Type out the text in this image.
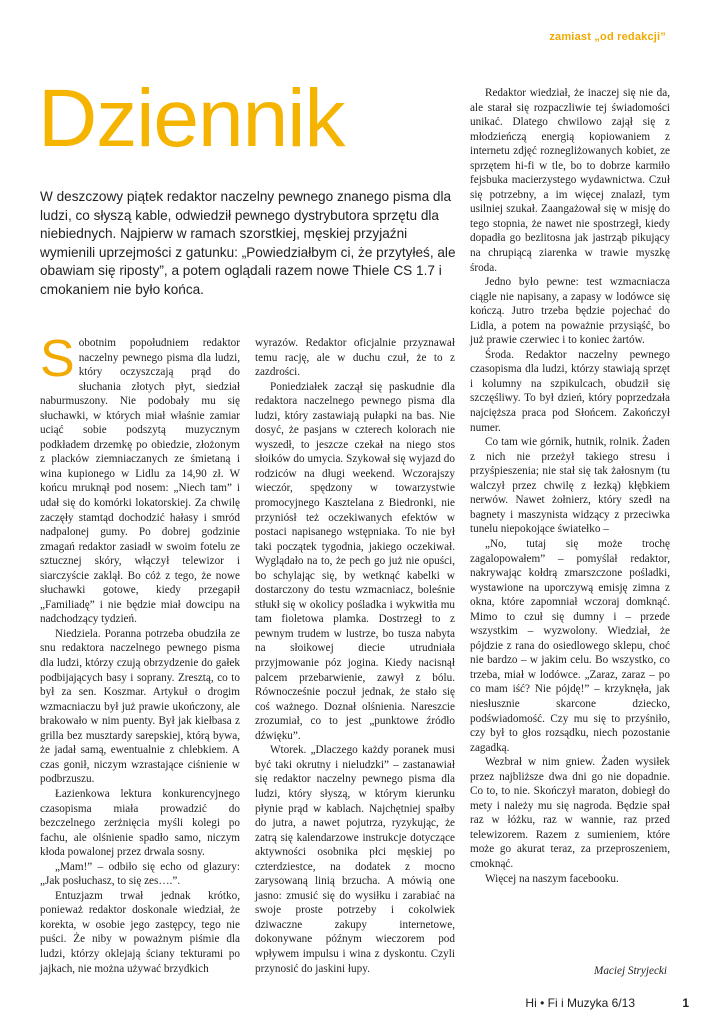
zamiast „od redakcji”
Dziennik

W deszczowy piątek redaktor naczelny pewnego znanego pisma dla ludzi, co słyszą kable, odwiedził pewnego dystrybutora sprzętu dla niebiednych. Najpierw w ramach szorstkiej, męskiej przyjaźni wymienili uprzejmości z gatunku: „Powiedziałbym ci, że przytyłeś, ale obawiam się riposty”, a potem oglądali razem nowe Thiele CS 1.7 i cmokaniem nie było końca.

Sobotnim popołudniem redaktor naczelny pewnego pisma dla ludzi, który oczyszczają prąd do słuchania złotych płyt, siedział naburmuszony. Nie podobały mu się słuchawki, w których miał właśnie zamiar uciąć sobie podszytą muzycznym podkładem drzemkę po obiedzie, złożonym z placków ziemniaczanych ze śmietaną i wina kupionego w Lidlu za 14,90 zł. W końcu mruknął pod nosem: „Niech tam” i udał się do komórki lokatorskiej. Za chwilę zaczęły stamtąd dochodzić hałasy i smród nadpalonej gumy. Po dobrej godzinie zmagań redaktor zasiadł w swoim fotelu ze sztucznej skóry, włączył telewizor i siarczyście zaklął. Bo cóż z tego, że nowe słuchawki gotowe, kiedy przegapił „Familiadę” i nie będzie miał dowcipu na nadchodzący tydzień.

Niedziela. Poranna potrzeba obudziła ze snu redaktora naczelnego pewnego pisma dla ludzi, którzy czują obrzydzenie do gałek podbijających basy i soprany. Zresztą, co to był za sen. Koszmar. Artykuł o drogim wzmacniaczu był już prawie ukończony, ale brakowało w nim puenty. Był jak kiełbasa z grilla bez musztardy sarepskiej, którą bywa, że jadał samą, ewentualnie z chlebkiem. A czas gonił, niczym wzrastające ciśnienie w podbrzuszu.

Łazienkowa lektura konkurencyjnego czasopisma miała prowadzić do bezczelnego zerżnięcia myśli kolegi po fachu, ale olśnienie spadło samo, niczym kłoda powalonej przez drwala sosny.

„Mam!” – odbiło się echo od glazury: „Jak posłuchasz, to się zes….”.

Entuzjazm trwał jednak krótko, ponieważ redaktor doskonale wiedział, że korekta, w osobie jego zastępcy, tego nie puści. Że niby w poważnym piśmie dla ludzi, którzy oklejają ściany tekturami po jajkach, nie można używać brzydkich

wyrazów. Redaktor oficjalnie przyznawał temu rację, ale w duchu czuł, że to z zazdrości.

Poniedziałek zaczął się paskudnie dla redaktora naczelnego pewnego pisma dla ludzi, który zastawiają pułapki na bas. Nie dosyć, że pasjans w czterech kolorach nie wyszedł, to jeszcze czekał na niego stos słoików do umycia. Szykował się wyjazd do rodziców na długi weekend. Wczorajszy wieczór, spędzony w towarzystwie promocyjnego Kasztelana z Biedronki, nie przyniósł też oczekiwanych efektów w postaci napisanego wstępniaka. To nie był taki początek tygodnia, jakiego oczekiwał. Wyglądało na to, że pech go już nie opuści, bo schylając się, by wetknąć kabelki w dostarczony do testu wzmacniacz, boleśnie stłukł się w okolicy pośladka i wykwitła mu tam fioletowa plamka. Dostrzegł to z pewnym trudem w lustrze, bo tusza nabyta na słoikowej diecie utrudniała przyjmowanie póz jogina. Kiedy nacisnął palcem przebarwienie, zawył z bólu. Równocześnie poczuł jednak, że stało się coś ważnego. Doznał olśnienia. Nareszcie zrozumiał, co to jest „punktowe źródło dźwięku”.

Wtorek. „Dlaczego każdy poranek musi być taki okrutny i nieludzki” – zastanawiał się redaktor naczelny pewnego pisma dla ludzi, który słyszą, w którym kierunku płynie prąd w kablach. Najchętniej spałby do jutra, a nawet pojutrza, ryzykując, że zatrą się kalendarzowe instrukcje dotyczące aktywności osobnika płci męskiej po czterdziestce, na dodatek z mocno zarysowaną linią brzucha. A mówią one jasno: zmusić się do wysiłku i zarabiać na swoje proste potrzeby i cokolwiek dziwaczne zakupy internetowe, dokonywane późnym wieczorem pod wpływem impulsu i wina z dyskontu. Czyli przynosić do jaskini łupy.

Redaktor wiedział, że inaczej się nie da, ale starał się rozpaczliwie tej świadomości unikać. Dlatego chwilowo zajął się z młodzieńczą energią kopiowaniem z internetu zdjęć roznegliżowanych kobiet, ze sprzętem hi-fi w tle, bo to dobrze karmiło fejsbuka macierzystego wydawnictwa. Czuł się potrzebny, a im więcej znalazł, tym usilniej szukał. Zaangażował się w misję do tego stopnia, że nawet nie spostrzegł, kiedy dopadła go bezlitosna jak jastrząb pikujący na chrupiącą ziarenka w trawie myszkę środa.

Jedno było pewne: test wzmacniacza ciągle nie napisany, a zapasy w lodówce się kończą. Jutro trzeba będzie pojechać do Lidla, a potem na poważnie przysiąść, bo już prawie czerwiec i to koniec żartów.

Środa. Redaktor naczelny pewnego czasopisma dla ludzi, którzy stawiają sprzęt i kolumny na szpikulcach, obudził się szczęśliwy. To był dzień, który poprzedzała najcięższa praca pod Słońcem. Zakończył numer.

Co tam wie górnik, hutnik, rolnik. Żaden z nich nie przeżył takiego stresu i przyśpieszenia; nie stał się tak żałosnym (tu walczył przez chwilę z łezką) kłębkiem nerwów. Nawet żołnierz, który szedł na bagnety i maszynista widzący z przeciwka tunelu niepokojące światełko –

„No, tutaj się może trochę zagalopowałem” – pomyślał redaktor, nakrywając kołdrą zmarszczone pośladki, wystawione na uporczywą emisję zimna z okna, które zapomniał wczoraj domknąć. Mimo to czuł się dumny i – przede wszystkim – wyzwolony. Wiedział, że pójdzie z rana do osiedlowego sklepu, choć nie bardzo – w jakim celu. Bo wszystko, co trzeba, miał w lodówce. „Zaraz, zaraz – po co mam iść? Nie pójdę!” – krzyknęła, jak niesłusznie skarcone dziecko, podświadomość. Czy mu się to przyśniło, czy był to głos rozsądku, niech pozostanie zagadką.

Wezbrał w nim gniew. Żaden wysiłek przez najbliższe dwa dni go nie dopadnie. Co to, to nie. Skończył maraton, dobiegł do mety i należy mu się nagroda. Będzie spał raz w łóżku, raz w wannie, raz przed telewizorem. Razem z sumieniem, które może go akurat teraz, za przeproszeniem, cmoknąć.

Więcej na naszym facebooku.

Maciej Stryjecki
Hi • Fi i Muzyka 6/13	1
